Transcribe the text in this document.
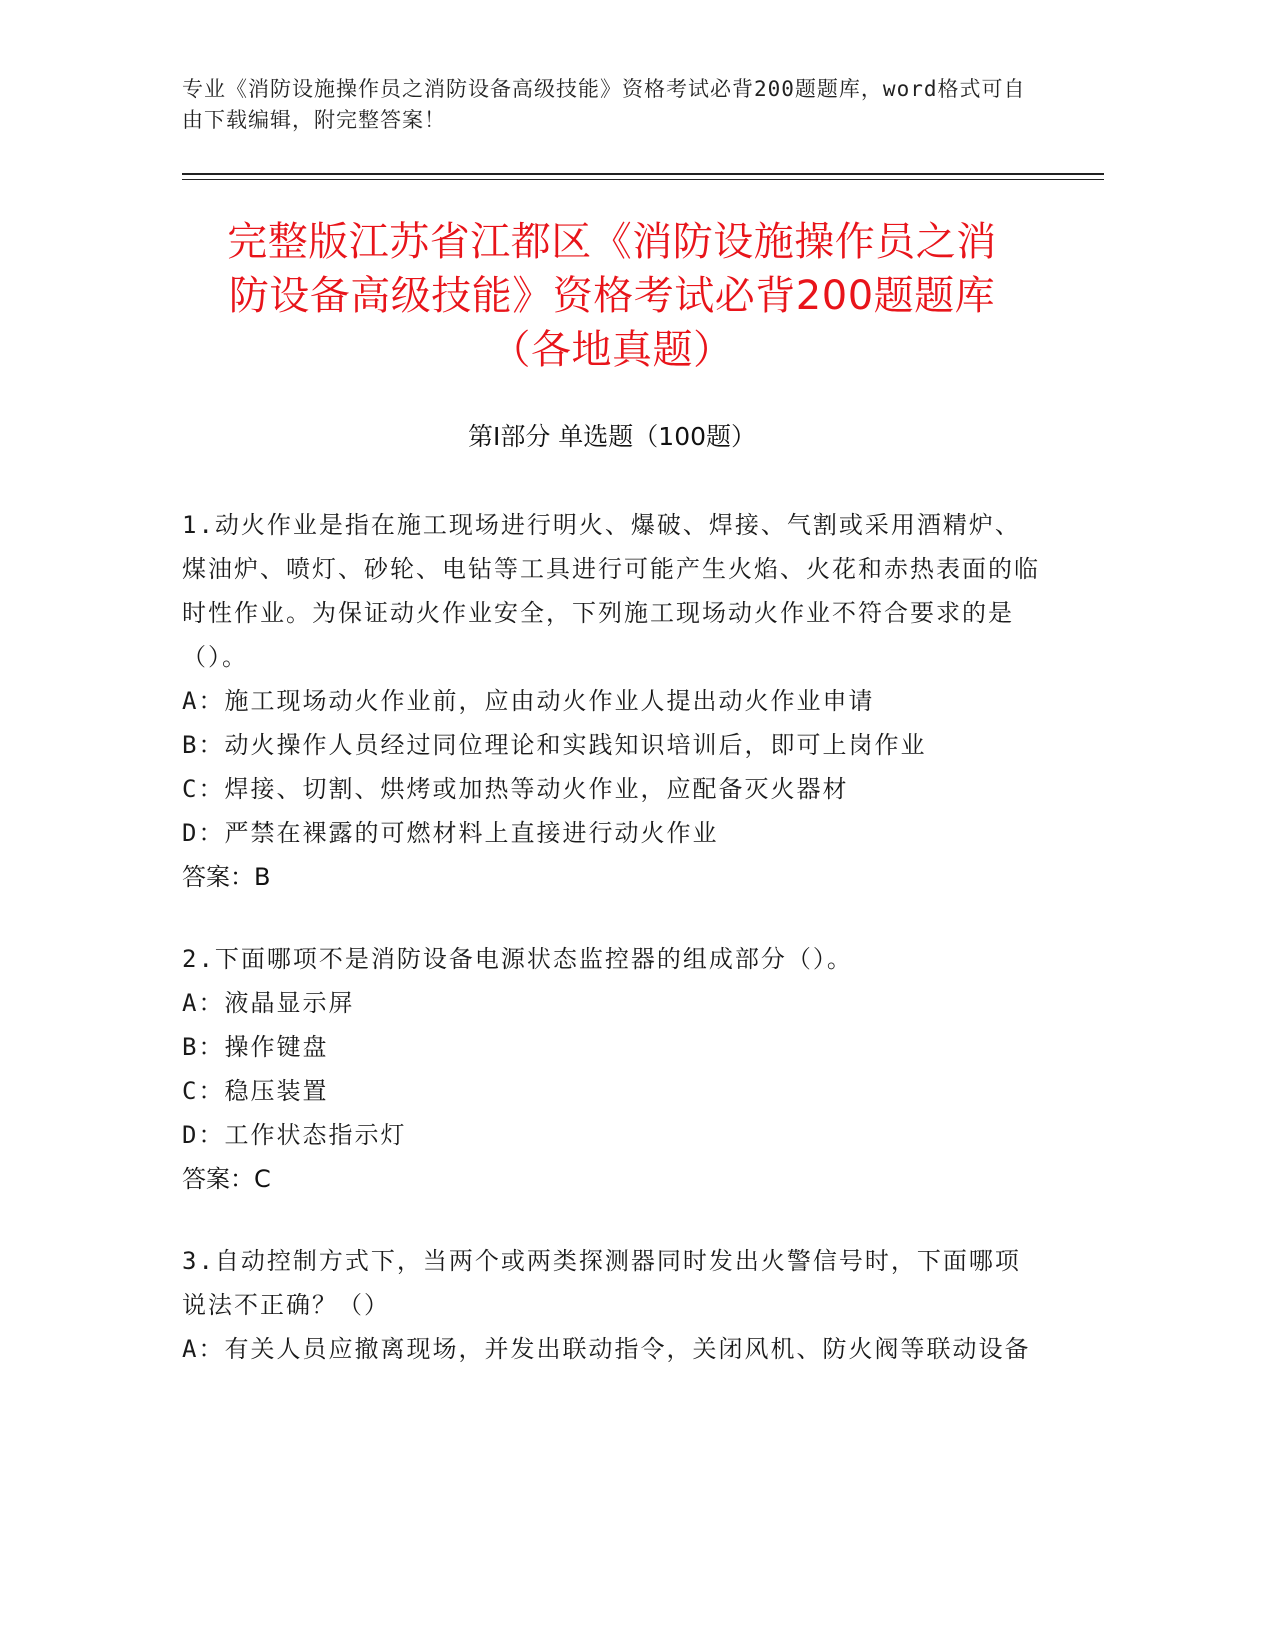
专业《消防设施操作员之消防设备高级技能》资格考试必背200题题库，word格式可自由下载编辑，附完整答案！
完整版江苏省江都区《消防设施操作员之消
防设备高级技能》资格考试必背200题题库
（各地真题）
第Ⅰ部分 单选题（100题）

1.动火作业是指在施工现场进行明火、爆破、焊接、气割或采用酒精炉、煤油炉、喷灯、砂轮、电钻等工具进行可能产生火焰、火花和赤热表面的临时性作业。为保证动火作业安全，下列施工现场动火作业不符合要求的是（）。

A：施工现场动火作业前，应由动火作业人提出动火作业申请

B：动火操作人员经过同位理论和实践知识培训后，即可上岗作业

C：焊接、切割、烘烤或加热等动火作业，应配备灭火器材

D：严禁在裸露的可燃材料上直接进行动火作业

答案：B

2.下面哪项不是消防设备电源状态监控器的组成部分（）。

A：液晶显示屏

B：操作键盘

C：稳压装置

D：工作状态指示灯

答案：C

3.自动控制方式下，当两个或两类探测器同时发出火警信号时，下面哪项说法不正确？（）

A：有关人员应撤离现场，并发出联动指令，关闭风机、防火阀等联动设备
